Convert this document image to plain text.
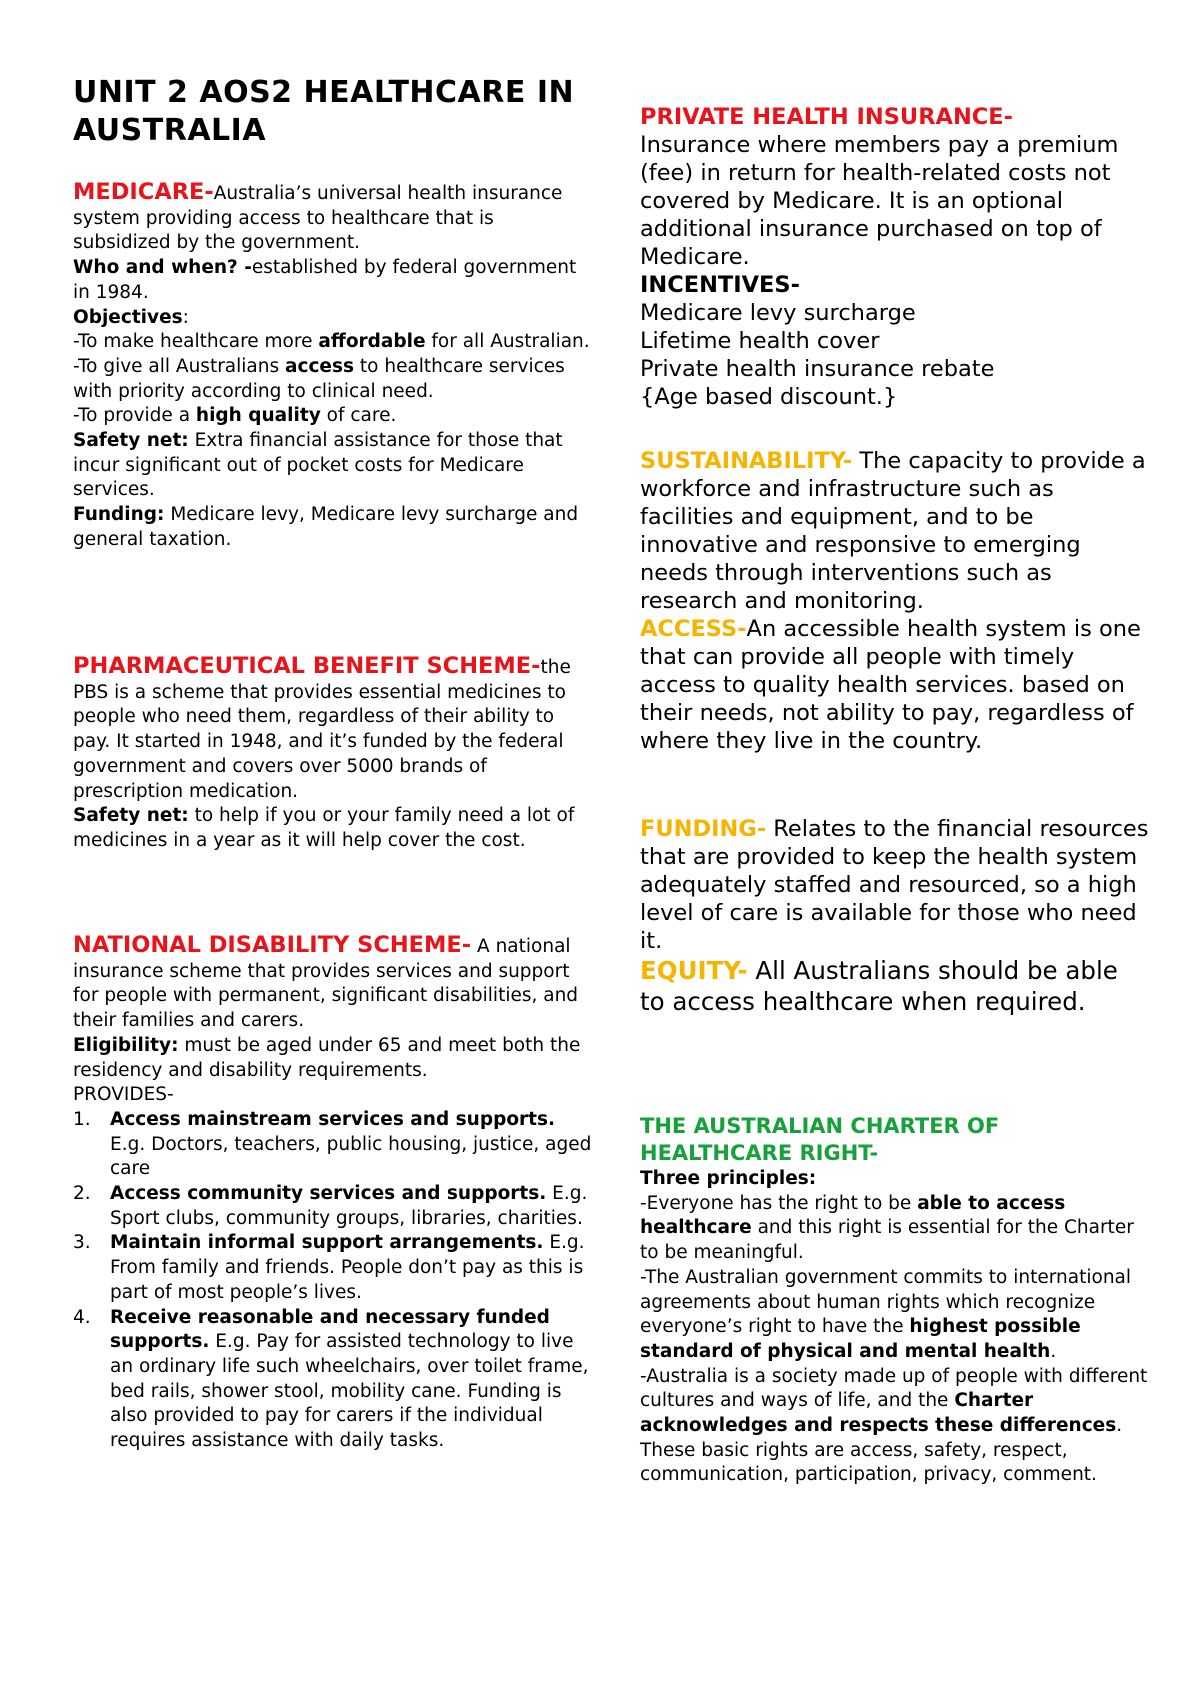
UNIT 2 AOS2 HEALTHCARE IN AUSTRALIA

MEDICARE-Australia’s universal health insurance system providing access to healthcare that is subsidized by the government.

Who and when? -established by federal government in 1984.

Objectives:

-To make healthcare more affordable for all Australian.

-To give all Australians access to healthcare services with priority according to clinical need.

-To provide a high quality of care.

Safety net: Extra financial assistance for those that incur significant out of pocket costs for Medicare services.

Funding: Medicare levy, Medicare levy surcharge and general taxation.

PHARMACEUTICAL BENEFIT SCHEME-the PBS is a scheme that provides essential medicines to people who need them, regardless of their ability to pay. It started in 1948, and it’s funded by the federal government and covers over 5000 brands of prescription medication.

Safety net: to help if you or your family need a lot of medicines in a year as it will help cover the cost.

NATIONAL DISABILITY SCHEME- A national insurance scheme that provides services and support for people with permanent, significant disabilities, and their families and carers.

Eligibility: must be aged under 65 and meet both the residency and disability requirements.

PROVIDES-

1. Access mainstream services and supports. E.g. Doctors, teachers, public housing, justice, aged care
2. Access community services and supports. E.g. Sport clubs, community groups, libraries, charities.
3. Maintain informal support arrangements. E.g. From family and friends. People don’t pay as this is part of most people’s lives.
4. Receive reasonable and necessary funded supports. E.g. Pay for assisted technology to live an ordinary life such wheelchairs, over toilet frame, bed rails, shower stool, mobility cane. Funding is also provided to pay for carers if the individual requires assistance with daily tasks.

PRIVATE HEALTH INSURANCE-

Insurance where members pay a premium (fee) in return for health-related costs not covered by Medicare. It is an optional additional insurance purchased on top of Medicare.

INCENTIVES-

Medicare levy surcharge

Lifetime health cover

Private health insurance rebate

{Age based discount.}

SUSTAINABILITY- The capacity to provide a workforce and infrastructure such as facilities and equipment, and to be innovative and responsive to emerging needs through interventions such as research and monitoring.

ACCESS-An accessible health system is one that can provide all people with timely access to quality health services. based on their needs, not ability to pay, regardless of where they live in the country.

FUNDING- Relates to the financial resources that are provided to keep the health system adequately staffed and resourced, so a high level of care is available for those who need it.

EQUITY- All Australians should be able to access healthcare when required.

THE AUSTRALIAN CHARTER OF HEALTHCARE RIGHT-

Three principles:

-Everyone has the right to be able to access healthcare and this right is essential for the Charter to be meaningful.

-The Australian government commits to international agreements about human rights which recognize everyone’s right to have the highest possible standard of physical and mental health.

-Australia is a society made up of people with different cultures and ways of life, and the Charter acknowledges and respects these differences.

These basic rights are access, safety, respect, communication, participation, privacy, comment.
